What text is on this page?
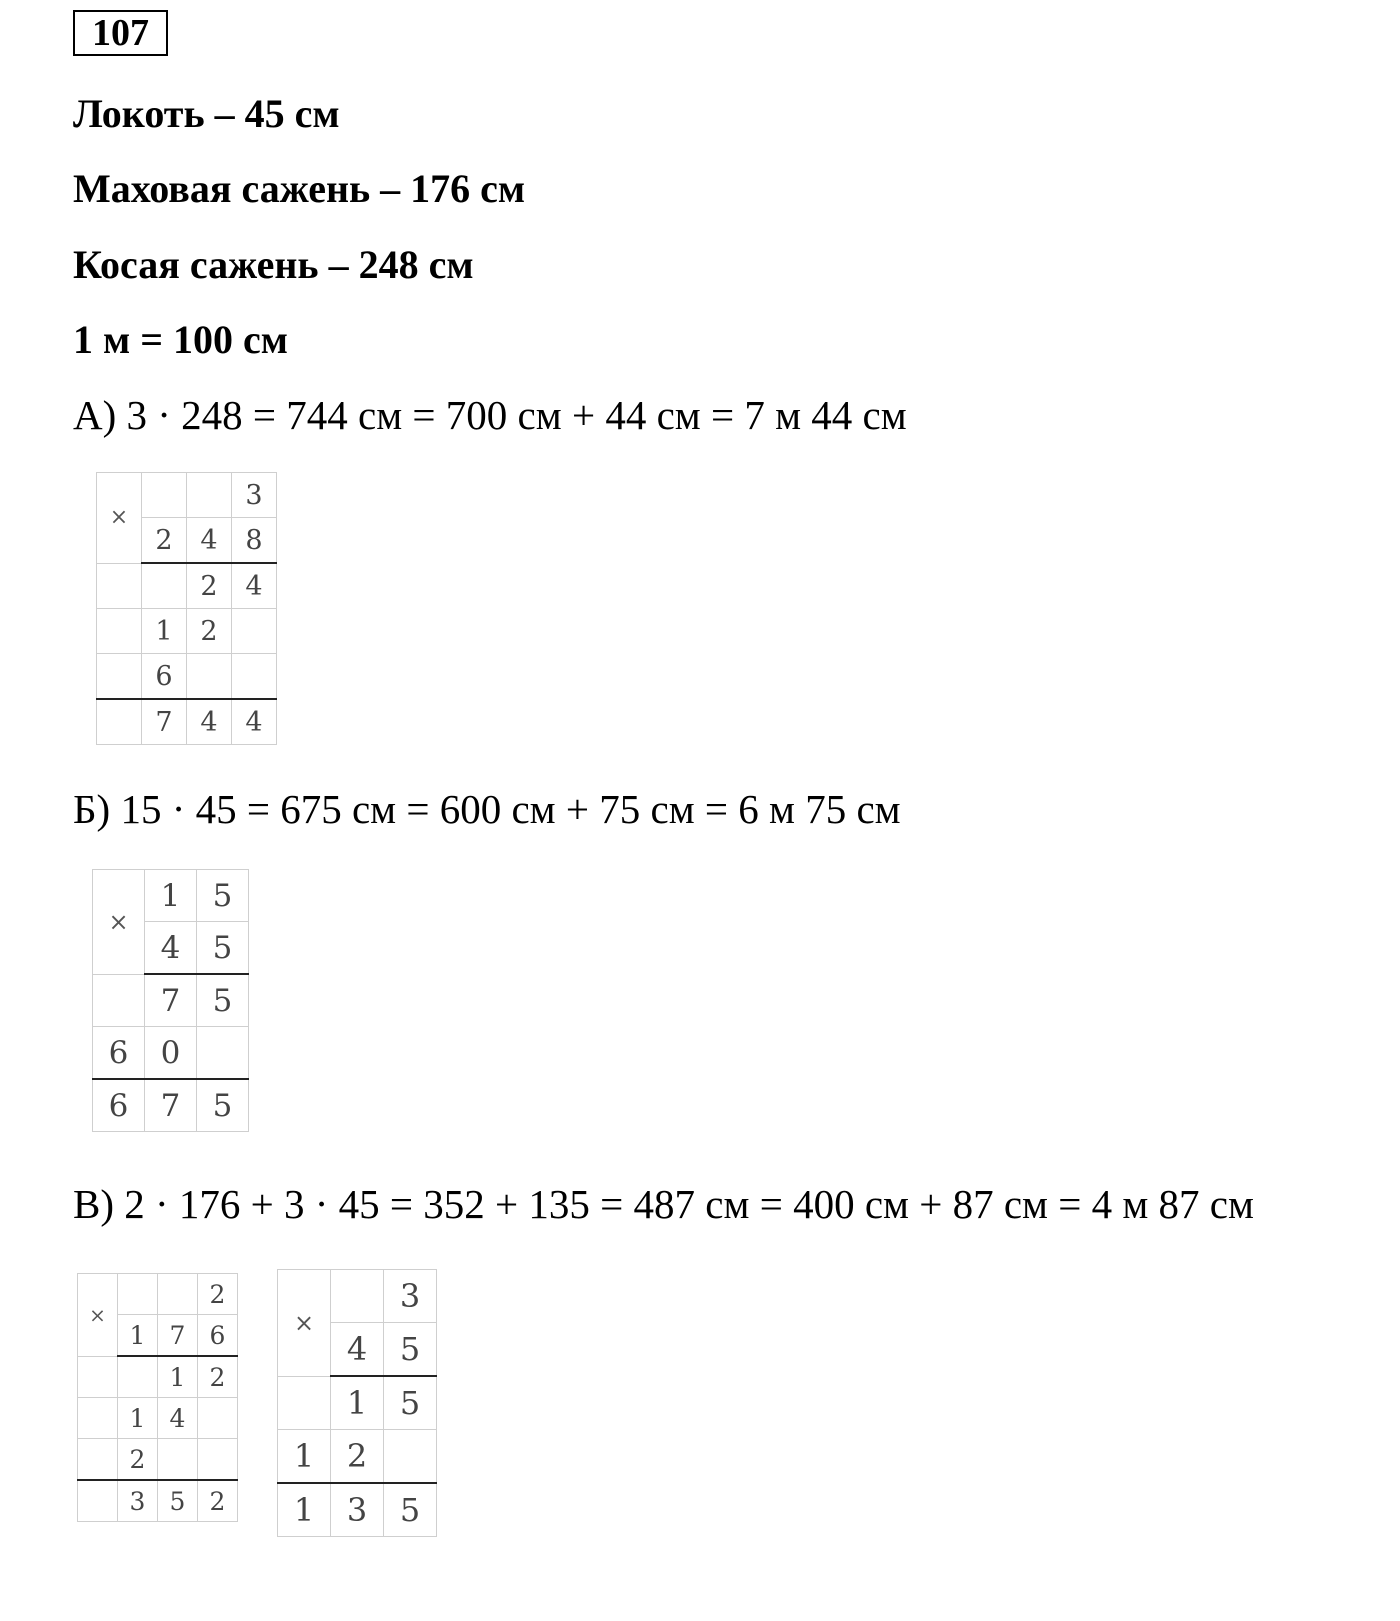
107
Локоть – 45 см
Маховая сажень – 176 см
Косая сажень – 248 см
1 м = 100 см
А) 3 · 248 = 744 см = 700 см + 44 см = 7 м 44 см
×			3
	2	4	8
		2	4
	1	2	
	6		
	7	4	4
Б) 15 · 45 = 675 см = 600 см + 75 см = 6 м 75 см
×	1	5
	4	5
	7	5
6	0	
6	7	5
В) 2 · 176 + 3 · 45 = 352 + 135 = 487 см = 400 см + 87 см = 4 м 87 см
×			2
	1	7	6
		1	2
	1	4	
	2		
	3	5	2
×		3
	4	5
	1	5
1	2	
1	3	5
